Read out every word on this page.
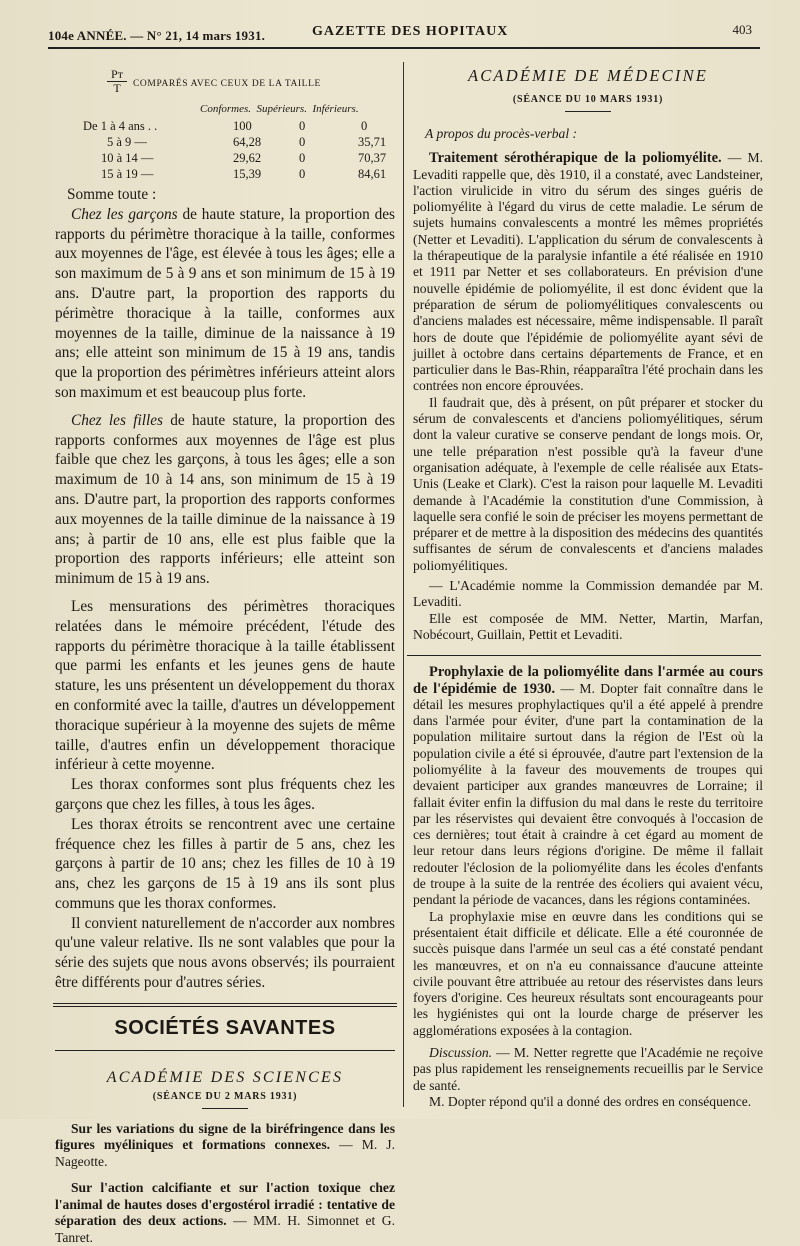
104e ANNÉE. — N° 21, 14 mars 1931.	GAZETTE DES HOPITAUX	403
Pт
T	COMPARÉS AVEC CEUX DE LA TAILLE
Conformes. Supérieurs. Inférieurs.
De 1 à 4 ans . .	100	0	0
5 à 9 —	64,28	0	35,71
10 à 14 —	29,62	0	70,37
15 à 19 —	15,39	0	84,61

Somme toute :

Chez les garçons de haute stature, la proportion des rapports du périmètre thoracique à la taille, conformes aux moyennes de l'âge, est élevée à tous les âges; elle a son maximum de 5 à 9 ans et son minimum de 15 à 19 ans. D'autre part, la proportion des rapports du périmètre thoracique à la taille, conformes aux moyennes de la taille, diminue de la naissance à 19 ans; elle atteint son minimum de 15 à 19 ans, tandis que la proportion des périmètres inférieurs atteint alors son maximum et est beaucoup plus forte.

Chez les filles de haute stature, la proportion des rapports conformes aux moyennes de l'âge est plus faible que chez les garçons, à tous les âges; elle a son maximum de 10 à 14 ans, son minimum de 15 à 19 ans. D'autre part, la proportion des rapports conformes aux moyennes de la taille diminue de la naissance à 19 ans; à partir de 10 ans, elle est plus faible que la proportion des rapports inférieurs; elle atteint son minimum de 15 à 19 ans.

Les mensurations des périmètres thoraciques relatées dans le mémoire précédent, l'étude des rapports du périmètre thoracique à la taille établissent que parmi les enfants et les jeunes gens de haute stature, les uns présentent un développement du thorax en conformité avec la taille, d'autres un développement thoracique supérieur à la moyenne des sujets de même taille, d'autres enfin un développement thoracique inférieur à cette moyenne.

Les thorax conformes sont plus fréquents chez les garçons que chez les filles, à tous les âges.

Les thorax étroits se rencontrent avec une certaine fréquence chez les filles à partir de 5 ans, chez les garçons à partir de 10 ans; chez les filles de 10 à 19 ans, chez les garçons de 15 à 19 ans ils sont plus communs que les thorax conformes.

Il convient naturellement de n'accorder aux nombres qu'une valeur relative. Ils ne sont valables que pour la série des sujets que nous avons observés; ils pourraient être différents pour d'autres séries.

SOCIÉTÉS SAVANTES
ACADÉMIE DES SCIENCES
(SÉANCE DU 2 MARS 1931)

Sur les variations du signe de la biréfringence dans les figures myéliniques et formations connexes. — M. J. Nageotte.

Sur l'action calcifiante et sur l'action toxique chez l'animal de hautes doses d'ergostérol irradié : tentative de séparation des deux actions. — MM. H. Simonnet et G. Tanret.

ACADÉMIE DE MÉDECINE
(SÉANCE DU 10 MARS 1931)

A propos du procès-verbal :

Traitement sérothérapique de la poliomyélite. — M. Levaditi rappelle que, dès 1910, il a constaté, avec Landsteiner, l'action virulicide in vitro du sérum des singes guéris de poliomyélite à l'égard du virus de cette maladie. Le sérum de sujets humains convalescents a montré les mêmes propriétés (Netter et Levaditi). L'application du sérum de convalescents à la thérapeutique de la paralysie infantile a été réalisée en 1910 et 1911 par Netter et ses collaborateurs. En prévision d'une nouvelle épidémie de poliomyélite, il est donc évident que la préparation de sérum de poliomyélitiques convalescents ou d'anciens malades est nécessaire, même indispensable. Il paraît hors de doute que l'épidémie de poliomyélite ayant sévi de juillet à octobre dans certains départements de France, et en particulier dans le Bas-Rhin, réapparaîtra l'été prochain dans les contrées non encore éprouvées.

Il faudrait que, dès à présent, on pût préparer et stocker du sérum de convalescents et d'anciens poliomyélitiques, sérum dont la valeur curative se conserve pendant de longs mois. Or, une telle préparation n'est possible qu'à la faveur d'une organisation adéquate, à l'exemple de celle réalisée aux Etats-Unis (Leake et Clark). C'est la raison pour laquelle M. Levaditi demande à l'Académie la constitution d'une Commission, à laquelle sera confié le soin de préciser les moyens permettant de préparer et de mettre à la disposition des médecins des quantités suffisantes de sérum de convalescents et d'anciens malades poliomyélitiques.

— L'Académie nomme la Commission demandée par M. Levaditi.

Elle est composée de MM. Netter, Martin, Marfan, Nobécourt, Guillain, Pettit et Levaditi.

Prophylaxie de la poliomyélite dans l'armée au cours de l'épidémie de 1930. — M. Dopter fait connaître dans le détail les mesures prophylactiques qu'il a été appelé à prendre dans l'armée pour éviter, d'une part la contamination de la population militaire surtout dans la région de l'Est où la population civile a été si éprouvée, d'autre part l'extension de la poliomyélite à la faveur des mouvements de troupes qui devaient participer aux grandes manœuvres de Lorraine; il fallait éviter enfin la diffusion du mal dans le reste du territoire par les réservistes qui devaient être convoqués à l'occasion de ces dernières; tout était à craindre à cet égard au moment de leur retour dans leurs régions d'origine. De même il fallait redouter l'éclosion de la poliomyélite dans les écoles d'enfants de troupe à la suite de la rentrée des écoliers qui avaient vécu, pendant la période de vacances, dans les régions contaminées.

La prophylaxie mise en œuvre dans les conditions qui se présentaient était difficile et délicate. Elle a été couronnée de succès puisque dans l'armée un seul cas a été constaté pendant les manœuvres, et on n'a eu connaissance d'aucune atteinte civile pouvant être attribuée au retour des réservistes dans leurs foyers d'origine. Ces heureux résultats sont encourageants pour les hygiénistes qui ont la lourde charge de préserver les agglomérations exposées à la contagion.

Discussion. — M. Netter regrette que l'Académie ne reçoive pas plus rapidement les renseignements recueillis par le Service de santé.

M. Dopter répond qu'il a donné des ordres en conséquence.
